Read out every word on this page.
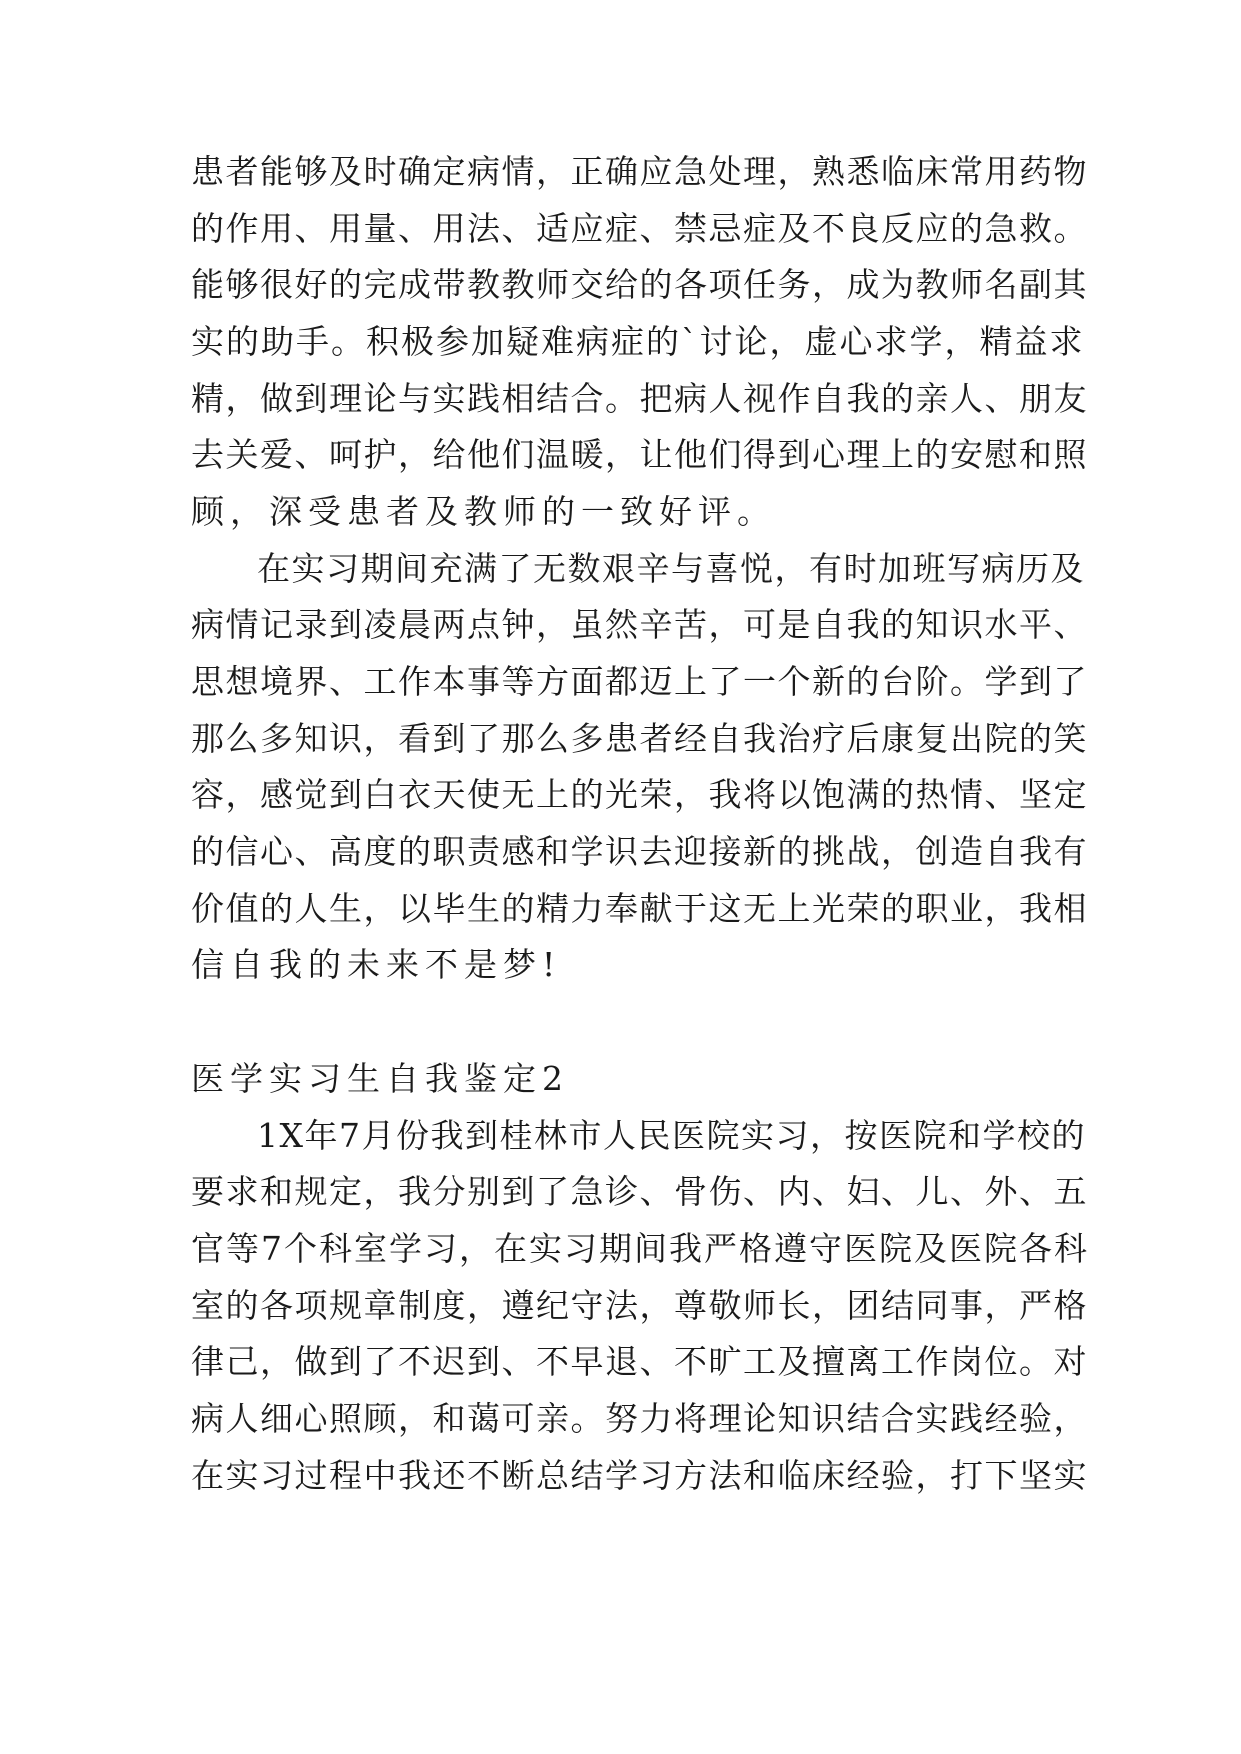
患者能够及时确定病情，正确应急处理，熟悉临床常用药物
的作用、用量、用法、适应症、禁忌症及不良反应的急救。
能够很好的完成带教教师交给的各项任务，成为教师名副其
实的助手。积极参加疑难病症的`讨论，虚心求学，精益求
精，做到理论与实践相结合。把病人视作自我的亲人、朋友
去关爱、呵护，给他们温暖，让他们得到心理上的安慰和照
顾，深受患者及教师的一致好评。
在实习期间充满了无数艰辛与喜悦，有时加班写病历及
病情记录到凌晨两点钟，虽然辛苦，可是自我的知识水平、
思想境界、工作本事等方面都迈上了一个新的台阶。学到了
那么多知识，看到了那么多患者经自我治疗后康复出院的笑
容，感觉到白衣天使无上的光荣，我将以饱满的热情、坚定
的信心、高度的职责感和学识去迎接新的挑战，创造自我有
价值的人生，以毕生的精力奉献于这无上光荣的职业，我相
信自我的未来不是梦!
医学实习生自我鉴定2
1X年7月份我到桂林市人民医院实习，按医院和学校的
要求和规定，我分别到了急诊、骨伤、内、妇、儿、外、五
官等7个科室学习，在实习期间我严格遵守医院及医院各科
室的各项规章制度，遵纪守法，尊敬师长，团结同事，严格
律己，做到了不迟到、不早退、不旷工及擅离工作岗位。对
病人细心照顾，和蔼可亲。努力将理论知识结合实践经验，
在实习过程中我还不断总结学习方法和临床经验，打下坚实
